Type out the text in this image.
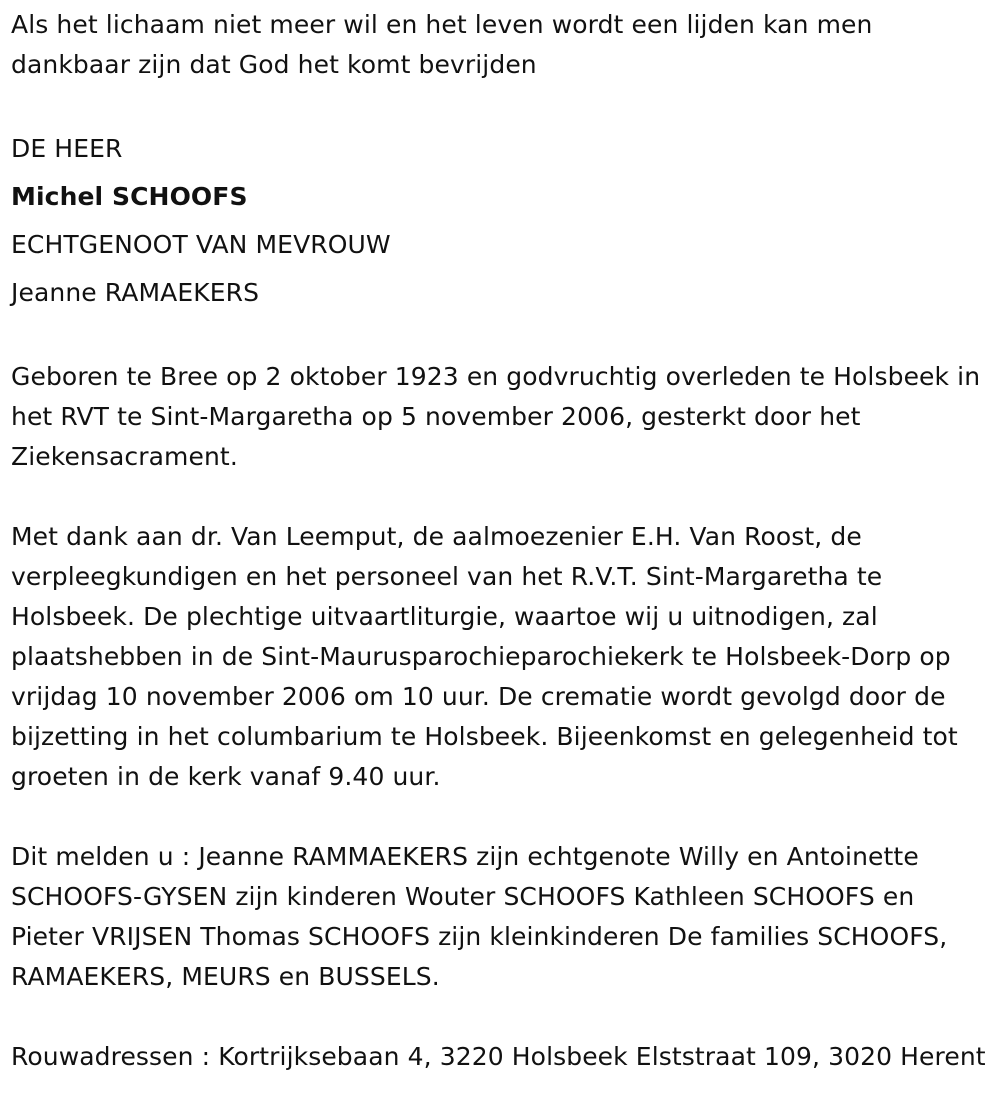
Als het lichaam niet meer wil en het leven wordt een lijden kan men dankbaar zijn dat God het komt bevrijden

DE HEER

Michel SCHOOFS

ECHTGENOOT VAN MEVROUW

Jeanne RAMAEKERS

Geboren te Bree op 2 oktober 1923 en godvruchtig overleden te Holsbeek in het RVT te Sint-Margaretha op 5 november 2006, gesterkt door het Ziekensacrament.

Met dank aan dr. Van Leemput, de aalmoezenier E.H. Van Roost, de verpleegkundigen en het personeel van het R.V.T. Sint-Margaretha te Holsbeek. De plechtige uitvaartliturgie, waartoe wij u uitnodigen, zal plaatshebben in de Sint-Maurusparochieparochiekerk te Holsbeek-Dorp op vrijdag 10 november 2006 om 10 uur. De crematie wordt gevolgd door de bijzetting in het columbarium te Holsbeek. Bijeenkomst en gelegenheid tot groeten in de kerk vanaf 9.40 uur.

Dit melden u : Jeanne RAMMAEKERS zijn echtgenote Willy en Antoinette SCHOOFS-GYSEN zijn kinderen Wouter SCHOOFS Kathleen SCHOOFS en Pieter VRIJSEN Thomas SCHOOFS zijn kleinkinderen De families SCHOOFS, RAMAEKERS, MEURS en BUSSELS.

Rouwadressen : Kortrijksebaan 4, 3220 Holsbeek Elststraat 109, 3020 Herent
